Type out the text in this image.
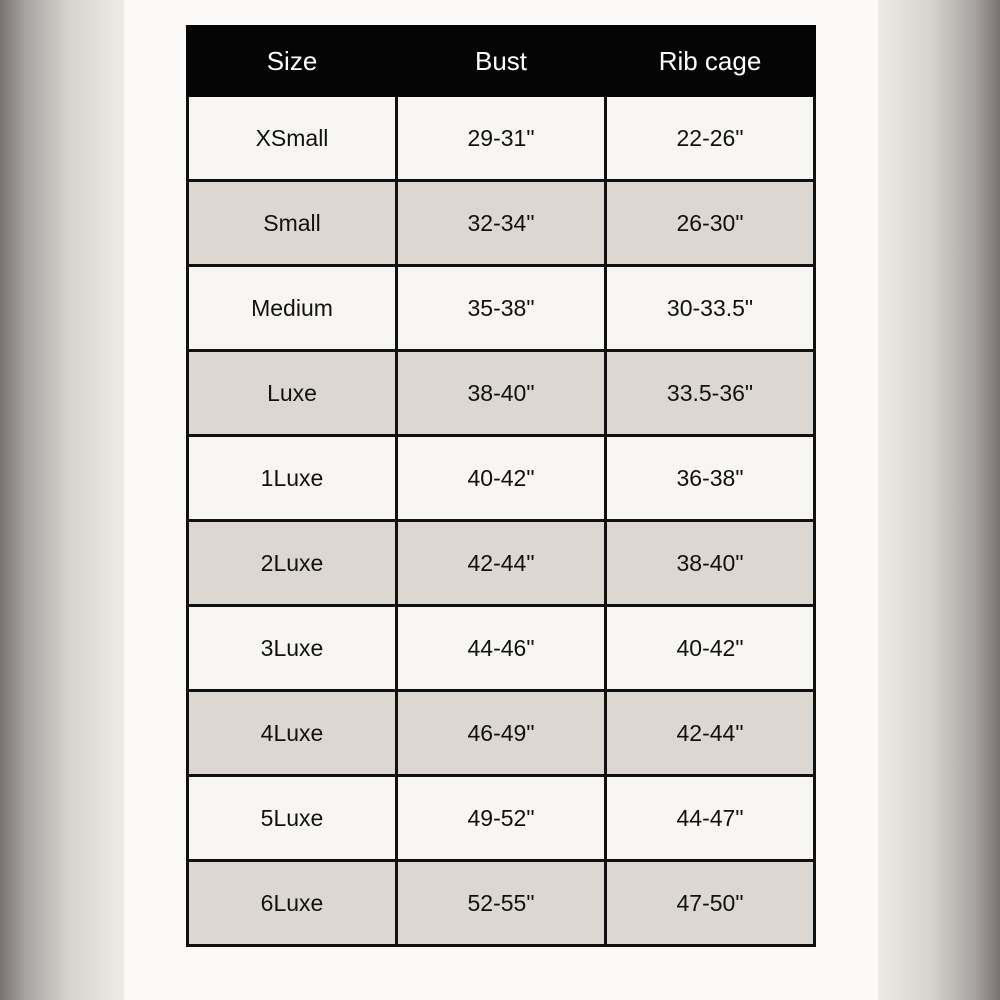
Size	Bust	Rib cage
XSmall	29-31"	22-26"
Small	32-34"	26-30"
Medium	35-38"	30-33.5"
Luxe	38-40"	33.5-36"
1Luxe	40-42"	36-38"
2Luxe	42-44"	38-40"
3Luxe	44-46"	40-42"
4Luxe	46-49"	42-44"
5Luxe	49-52"	44-47"
6Luxe	52-55"	47-50"
